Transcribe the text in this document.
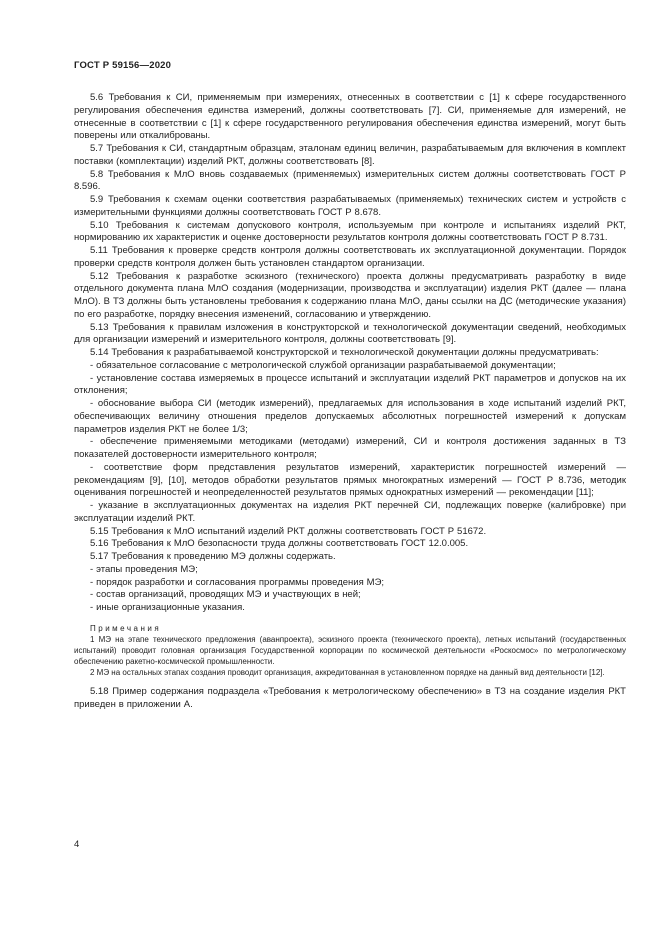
ГОСТ Р 59156—2020

5.6 Требования к СИ, применяемым при измерениях, отнесенных в соответствии с [1] к сфере государственного регулирования обеспечения единства измерений, должны соответствовать [7]. СИ, применяемые для измерений, не отнесенные в соответствии с [1] к сфере государственного регулирования обеспечения единства измерений, могут быть поверены или откалиброваны.

5.7 Требования к СИ, стандартным образцам, эталонам единиц величин, разрабатываемым для включения в комплект поставки (комплектации) изделий РКТ, должны соответствовать [8].

5.8 Требования к МлО вновь создаваемых (применяемых) измерительных систем должны соответствовать ГОСТ Р 8.596.

5.9 Требования к схемам оценки соответствия разрабатываемых (применяемых) технических систем и устройств с измерительными функциями должны соответствовать ГОСТ Р 8.678.

5.10 Требования к системам допускового контроля, используемым при контроле и испытаниях изделий РКТ, нормированию их характеристик и оценке достоверности результатов контроля должны соответствовать ГОСТ Р 8.731.

5.11 Требования к проверке средств контроля должны соответствовать их эксплуатационной документации. Порядок проверки средств контроля должен быть установлен стандартом организации.

5.12 Требования к разработке эскизного (технического) проекта должны предусматривать разработку в виде отдельного документа плана МлО создания (модернизации, производства и эксплуатации) изделия РКТ (далее — плана МлО). В ТЗ должны быть установлены требования к содержанию плана МлО, даны ссылки на ДС (методические указания) по его разработке, порядку внесения изменений, согласованию и утверждению.

5.13 Требования к правилам изложения в конструкторской и технологической документации сведений, необходимых для организации измерений и измерительного контроля, должны соответствовать [9].

5.14 Требования к разрабатываемой конструкторской и технологической документации должны предусматривать:

- обязательное согласование с метрологической службой организации разрабатываемой документации;

- установление состава измеряемых в процессе испытаний и эксплуатации изделий РКТ параметров и допусков на их отклонения;

- обоснование выбора СИ (методик измерений), предлагаемых для использования в ходе испытаний изделий РКТ, обеспечивающих величину отношения пределов допускаемых абсолютных погрешностей измерений к допускам параметров изделия РКТ не более 1/3;

- обеспечение применяемыми методиками (методами) измерений, СИ и контроля достижения заданных в ТЗ показателей достоверности измерительного контроля;

- соответствие форм представления результатов измерений, характеристик погрешностей измерений — рекомендациям [9], [10], методов обработки результатов прямых многократных измерений — ГОСТ Р 8.736, методик оценивания погрешностей и неопределенностей результатов прямых однократных измерений — рекомендации [11];

- указание в эксплуатационных документах на изделия РКТ перечней СИ, подлежащих поверке (калибровке) при эксплуатации изделий РКТ.

5.15 Требования к МлО испытаний изделий РКТ должны соответствовать ГОСТ Р 51672.

5.16 Требования к МлО безопасности труда должны соответствовать ГОСТ 12.0.005.

5.17 Требования к проведению МЭ должны содержать.

- этапы проведения МЭ;

- порядок разработки и согласования программы проведения МЭ;

- состав организаций, проводящих МЭ и участвующих в ней;

- иные организационные указания.

Примечания

1 МЭ на этапе технического предложения (аванпроекта), эскизного проекта (технического проекта), летных испытаний (государственных испытаний) проводит головная организация Государственной корпорации по космической деятельности «Роскосмос» по метрологическому обеспечению ракетно-космической промышленности.

2 МЭ на остальных этапах создания проводит организация, аккредитованная в установленном порядке на данный вид деятельности [12].

5.18 Пример содержания подраздела «Требования к метрологическому обеспечению» в ТЗ на создание изделия РКТ приведен в приложении А.

4
